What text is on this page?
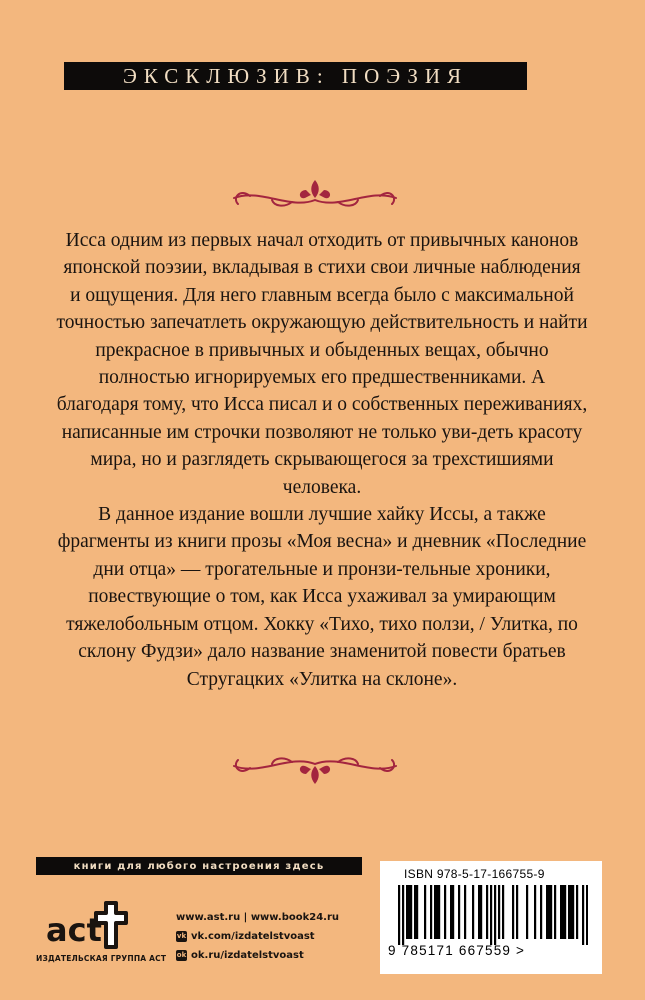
ЭКСКЛЮЗИВ: ПОЭЗИЯ

Исса одним из первых начал отходить от привычных канонов японской поэзии, вкладывая в стихи свои личные наблюдения и ощущения. Для него главным всегда было с максимальной точностью запечатлеть окружающую действительность и найти прекрасное в привычных и обыденных вещах, обычно полностью игнорируемых его предшественниками. А благодаря тому, что Исса писал и о собственных переживаниях, написанные им строчки позволяют не только уви-деть красоту мира, но и разглядеть скрывающегося за трехстишиями человека.

В данное издание вошли лучшие хайку Иссы, а также фрагменты из книги прозы «Моя весна» и дневник «Последние дни отца» — трогательные и пронзи-тельные хроники, повествующие о том, как Исса ухаживал за умирающим тяжелобольным отцом. Хокку «Тихо, тихо ползи, / Улитка, по склону Фудзи» дало название знаменитой повести братьев Стругацких «Улитка на склоне».

книги для любого настроения здесь
act
ИЗДАТЕЛЬСКАЯ ГРУППА АСТ
www.ast.ru | www.book24.ru
vk vk.com/izdatelstvoast
ok ok.ru/izdatelstvoast
ISBN 978-5-17-166755-9
9 785171 667559 >
